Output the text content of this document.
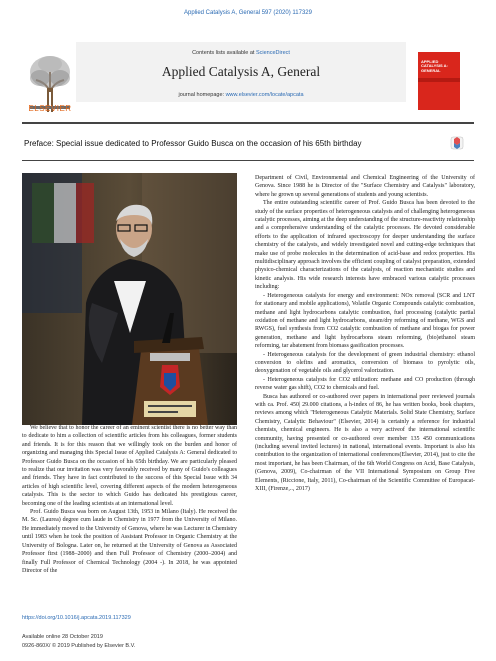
Applied Catalysis A, General 597 (2020) 117329
Contents lists available at ScienceDirect
Applied Catalysis A, General
journal homepage: www.elsevier.com/locate/apcata
ELSEVIER
APPLIED CATALYSIS A: GENERAL
Preface: Special issue dedicated to Professor Guido Busca on the occasion of his 65th birthday

We believe that to honor the career of an eminent scientist there is no better way than to dedicate to him a collection of scientific articles from his colleagues, former students and friends. It is for this reason that we willingly took on the burden and honor of organizing and managing this Special Issue of Applied Catalysis A: General dedicated to Professor Guido Busca on the occasion of his 65th birthday. We are particularly pleased to realize that our invitation was very favorably received by many of Guido's colleagues and friends. They have in fact contributed to the success of this Special Issue with 34 articles of high scientific level, covering different aspects of the modern heterogeneous catalysis. This is the sector to which Guido has dedicated his prestigious career, becoming one of the leading scientists at an international level.

Prof. Guido Busca was born on August 13th, 1953 in Milano (Italy). He received the M. Sc. (Laurea) degree cum laude in Chemistry in 1977 from the University of Milano. He immediately moved to the University of Genova, where he was Lecturer in Chemistry until 1983 when he took the position of Assistant Professor in Organic Chemistry at the University of Bologna. Later on, he returned at the University of Genova as Associated Professor first (1988–2000) and then Full Professor of Chemistry (2000–2004) and finally Full Professor of Chemical Technology (2004 -). In 2018, he was appointed Director of the

Department of Civil, Environmental and Chemical Engineering of the University of Genova. Since 1988 he is Director of the "Surface Chemistry and Catalysis" laboratory, where he grown up several generations of students and young scientists.

The entire outstanding scientific career of Prof. Guido Busca has been devoted to the study of the surface properties of heterogeneous catalysts and of challenging heterogeneous catalytic processes, aiming at the deep understanding of the structure-reactivity relationship and a comprehensive understanding of the catalytic processes. He devoted considerable efforts to the application of infrared spectroscopy for deeper understanding the surface chemistry of the catalysts, and widely investigated novel and cutting-edge techniques that make use of probe molecules in the determination of acid-base and redox properties. His multidisciplinary approach involves the efficient coupling of catalyst preparation, extended physico-chemical characterizations of the catalysts, of reaction mechanistic studies and kinetic analysis. His wide research interests have embraced various catalytic processes including:

- Heterogeneous catalysts for energy and environment: NOx removal (SCR and LNT for stationary and mobile applications), Volatile Organic Compounds catalytic combustion, methane and light hydrocarbons catalytic combustion, fuel processing (catalytic partial oxidation of methane and light hydrocarbons, steam/dry reforming of methane, WGS and RWGS), fuel synthesis from CO2 catalytic combustion of methane and biogas for power generation, methane and light hydrocarbons steam reforming, (bio)ethanol steam reforming, tar abatement from biomass gasification processes.

- Heterogeneous catalysts for the development of green industrial chemistry: ethanol conversion to olefins and aromatics, conversion of biomass to pyrolytic oils, deoxygenation of vegetable oils and glycerol valorization.

- Heterogeneous catalysts for CO2 utilization: methane and CO production (through reverse water gas shift), CO2 to chemicals and fuel.

Busca has authored or co-authored over papers in international peer reviewed journals with ca. Prof. 450| 29.000 citations, a h-index of 86, he has written books, book chapters, reviews among which "Heterogeneous Catalytic Materials. Solid State Chemistry, Surface Chemistry, Catalytic Behaviour" (Elsevier, 2014) is certainly a reference for industrial chemists, chemical engineers. He is also a very activeof the international scientific community, having presented or co-authored over member 135 450 communications (including several invited lectures) in national, international events. Important is also his contribution to the organization of international conferences(Elsevier, 2014), just to cite the most important, he has been Chairman, of the 6th World Congress on Acid, Base Catalysis, (Genova, 2009), Co-chairman of the VII International Symposium on Group Five Elements, (Riccione, Italy, 2011), Co-chairman of the Scientific Committee of Europacat-XIII, (Firenze,.., 2017)

https://doi.org/10.1016/j.apcata.2019.117329
Available online 28 October 2019
0926-860X/ © 2019 Published by Elsevier B.V.
